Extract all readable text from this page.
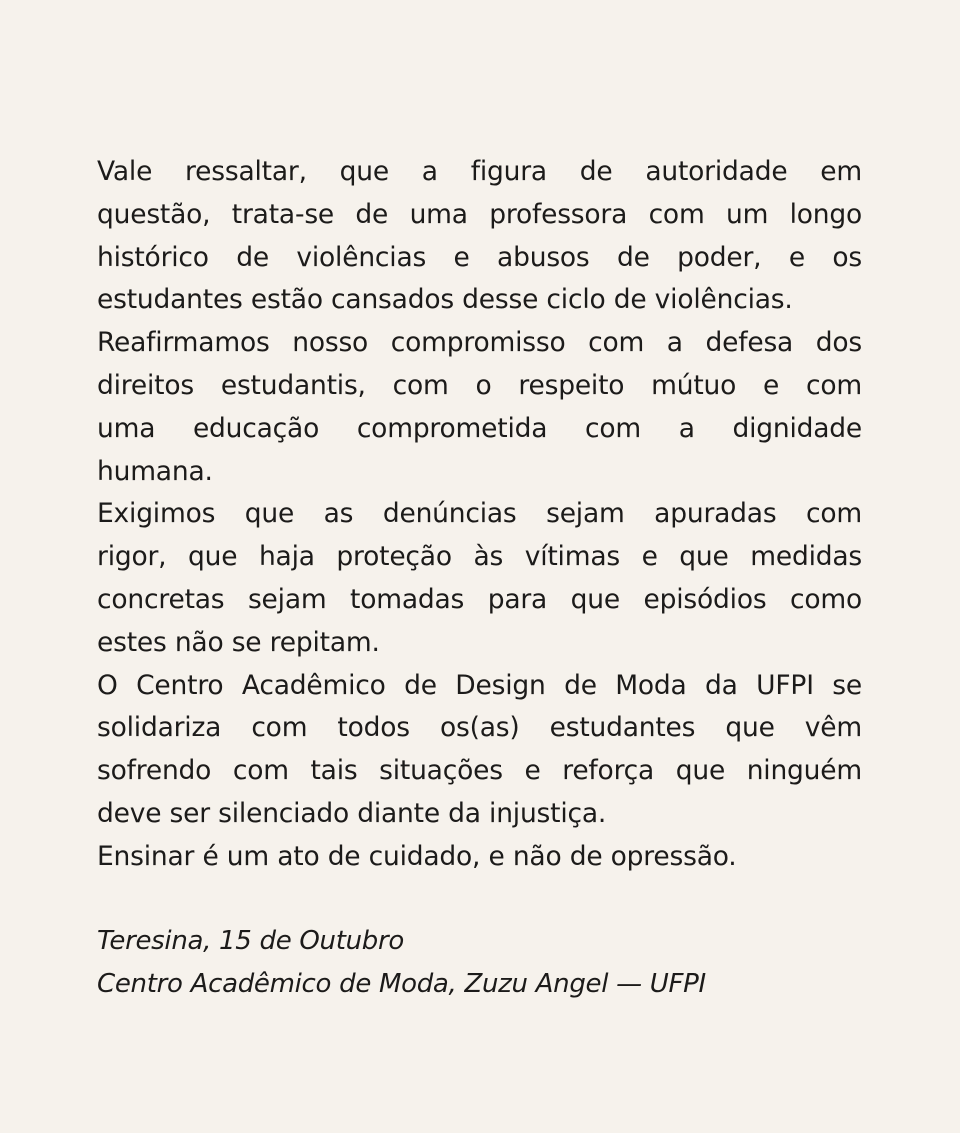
Vale ressaltar, que a figura de autoridade em
questão, trata-se de uma professora com um longo
histórico de violências e abusos de poder, e os
estudantes estão cansados desse ciclo de violências.
Reafirmamos nosso compromisso com a defesa dos
direitos estudantis, com o respeito mútuo e com
uma educação comprometida com a dignidade
humana.
Exigimos que as denúncias sejam apuradas com
rigor, que haja proteção às vítimas e que medidas
concretas sejam tomadas para que episódios como
estes não se repitam.
O Centro Acadêmico de Design de Moda da UFPI se
solidariza com todos os(as) estudantes que vêm
sofrendo com tais situações e reforça que ninguém
deve ser silenciado diante da injustiça.
Ensinar é um ato de cuidado, e não de opressão.
Teresina, 15 de Outubro
Centro Acadêmico de Moda, Zuzu Angel — UFPI
